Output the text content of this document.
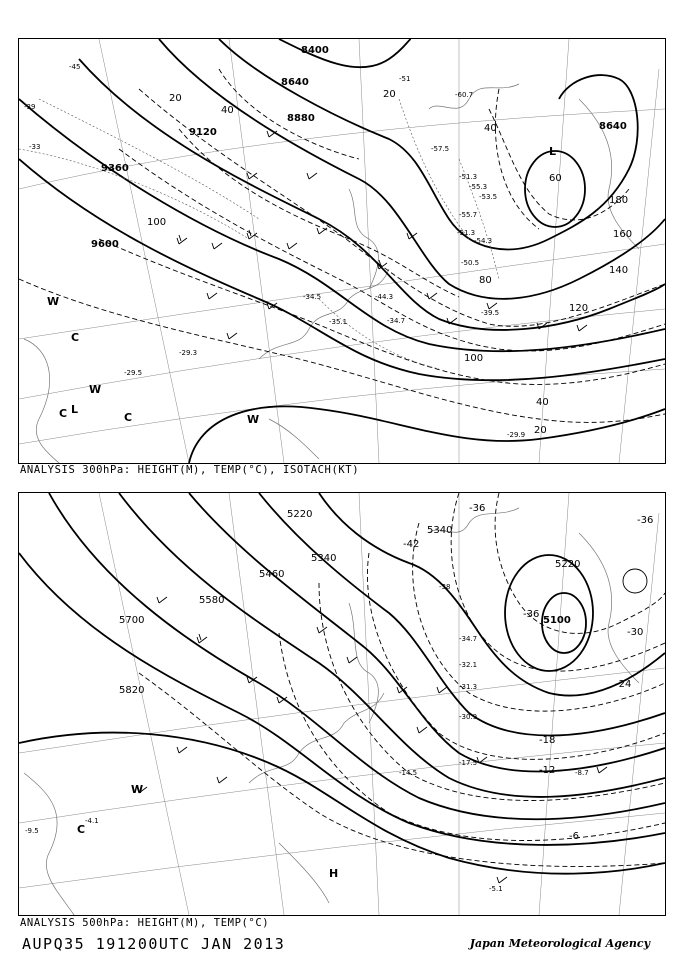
8400
8640
8880
9120
9360
9600
8640
20
40
60
80
100
120
140
160
180
20
40
100
20
40
-39
-45
-51
-57.5
-60.7
-55.7
-51.3
-54.3
-50.5
-44.3
-34.5
-35.1
-39.5
-34.7
-29.3
-29.5
-29.9
-33
-51.3
-53.5
-55.3
L
L
W
W
W
C
C	C
ANALYSIS 300hPa: HEIGHT(M), TEMP(°C), ISOTACH(KT)
5220
5340
5460
5580
5700
5820
5100
5220
5340
-42
-36
-36
-36
-30
-24
-18
-12
-6
-38
-34.7
-32.1
-31.3
-30.9
-17.5
-14.5	-8.7
-5.1
-4.1
-9.5
H
C
W
ANALYSIS 500hPa: HEIGHT(M), TEMP(°C)
AUPQ35 191200UTC JAN 2013	Japan Meteorological Agency
